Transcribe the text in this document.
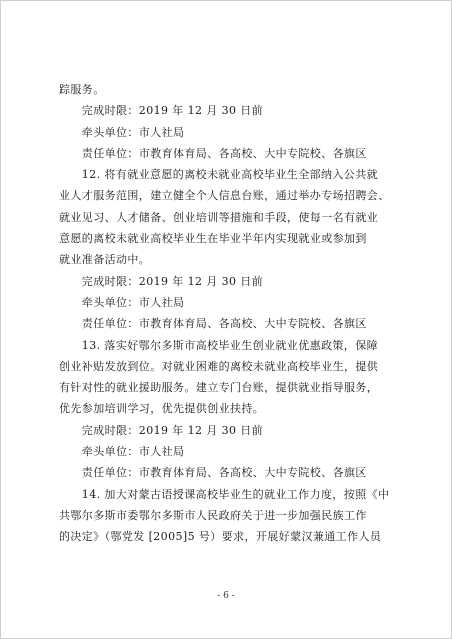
踪服务。
　　完成时限：2019 年 12 月 30 日前
　　牵头单位：市人社局
　　责任单位：市教育体育局、各高校、大中专院校、各旗区
　　12. 将有就业意愿的离校未就业高校毕业生全部纳入公共就
业人才服务范围，建立健全个人信息台账，通过举办专场招聘会、
就业见习、人才储备、创业培训等措施和手段，使每一名有就业
意愿的离校未就业高校毕业生在毕业半年内实现就业或参加到
就业准备活动中。
　　完成时限：2019 年 12 月 30 日前
　　牵头单位：市人社局
　　责任单位：市教育体育局、各高校、大中专院校、各旗区
　　13. 落实好鄂尔多斯市高校毕业生创业就业优惠政策，保障
创业补贴发放到位。对就业困难的离校未就业高校毕业生，提供
有针对性的就业援助服务。建立专门台账，提供就业指导服务，
优先参加培训学习，优先提供创业扶持。
　　完成时限：2019 年 12 月 30 日前
　　牵头单位：市人社局
　　责任单位：市教育体育局、各高校、大中专院校、各旗区
　　14. 加大对蒙古语授课高校毕业生的就业工作力度，按照《中
共鄂尔多斯市委鄂尔多斯市人民政府关于进一步加强民族工作
的决定》（鄂党发 [2005]5 号）要求，开展好蒙汉兼通工作人员
- 6 -
